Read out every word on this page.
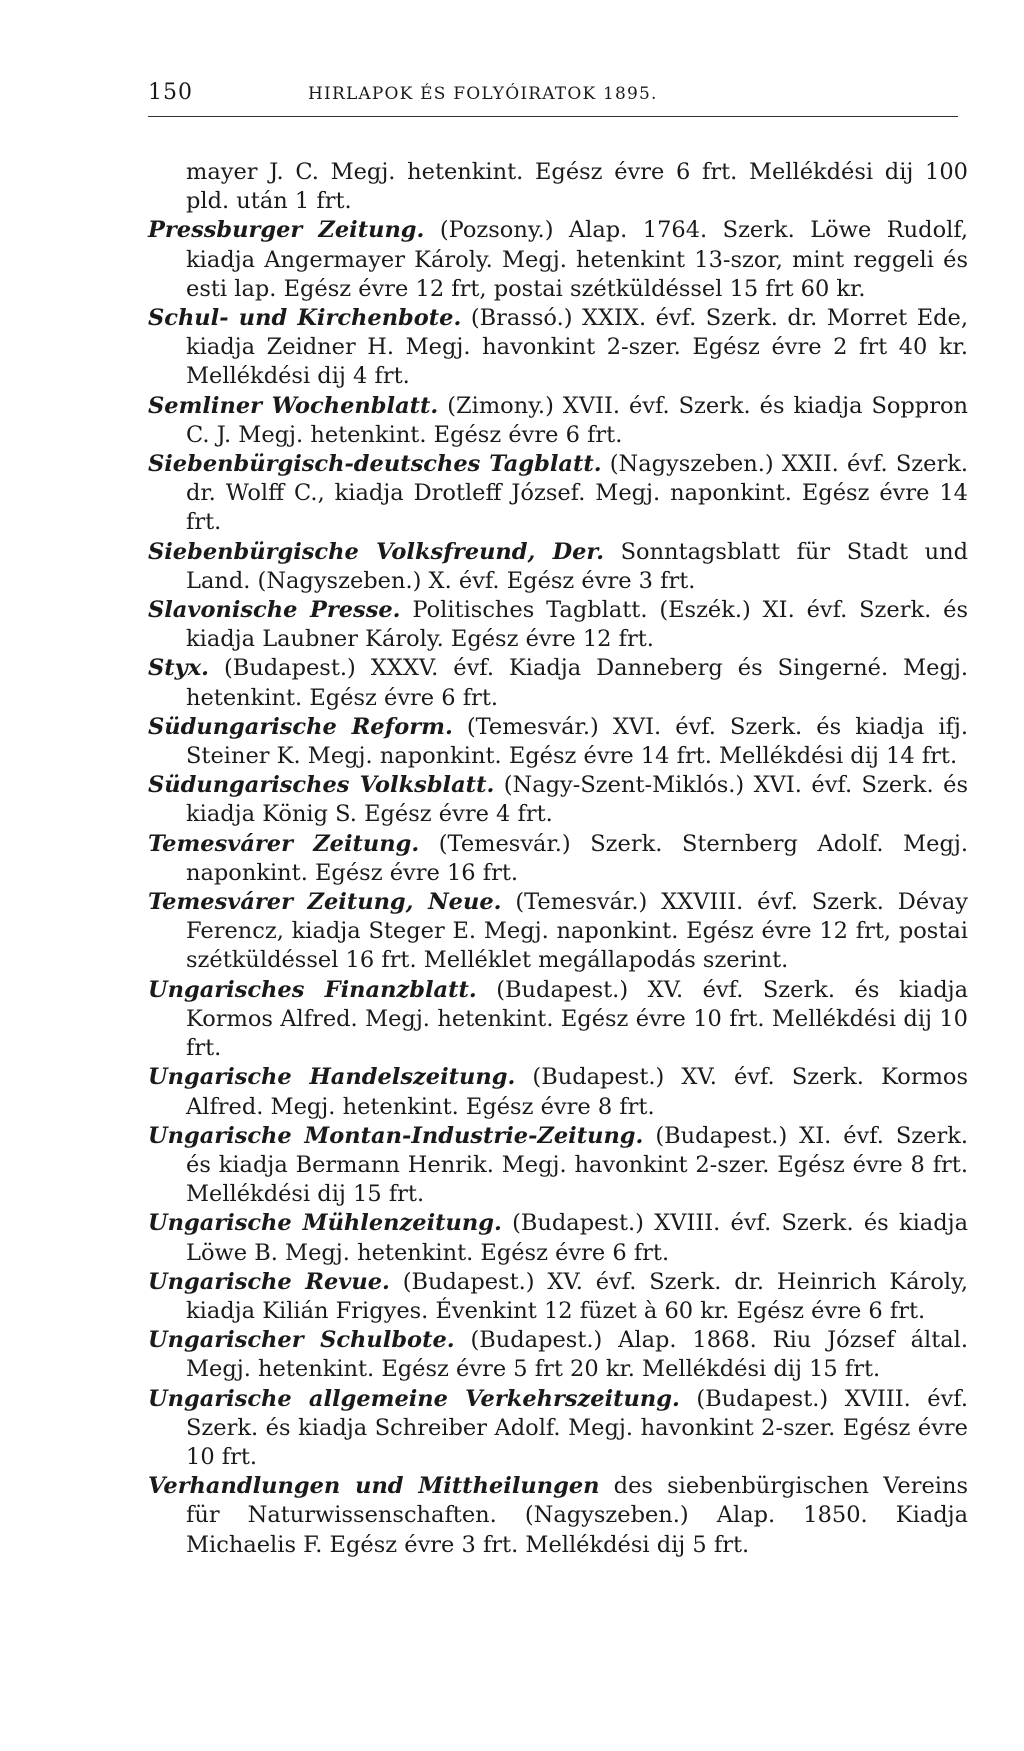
150	HIRLAPOK ÉS FOLYÓIRATOK 1895.

mayer J. C. Megj. hetenkint. Egész évre 6 frt. Mellékdési dij 100 pld. után 1 frt.

Pressburger Zeitung. (Pozsony.) Alap. 1764. Szerk. Löwe Rudolf, kiadja Angermayer Károly. Megj. hetenkint 13-szor, mint reggeli és esti lap. Egész évre 12 frt, postai szétküldéssel 15 frt 60 kr.

Schul- und Kirchenbote. (Brassó.) XXIX. évf. Szerk. dr. Morret Ede, kiadja Zeidner H. Megj. havonkint 2-szer. Egész évre 2 frt 40 kr. Mellékdési dij 4 frt.

Semliner Wochenblatt. (Zimony.) XVII. évf. Szerk. és kiadja Soppron C. J. Megj. hetenkint. Egész évre 6 frt.

Siebenbürgisch-deutsches Tagblatt. (Nagyszeben.) XXII. évf. Szerk. dr. Wolff C., kiadja Drotleff József. Megj. naponkint. Egész évre 14 frt.

Siebenbürgische Volksfreund, Der. Sonntagsblatt für Stadt und Land. (Nagyszeben.) X. évf. Egész évre 3 frt.

Slavonische Presse. Politisches Tagblatt. (Eszék.) XI. évf. Szerk. és kiadja Laubner Károly. Egész évre 12 frt.

Styx. (Budapest.) XXXV. évf. Kiadja Danneberg és Singerné. Megj. hetenkint. Egész évre 6 frt.

Südungarische Reform. (Temesvár.) XVI. évf. Szerk. és kiadja ifj. Steiner K. Megj. naponkint. Egész évre 14 frt. Mellékdési dij 14 frt.

Südungarisches Volksblatt. (Nagy-Szent-Miklós.) XVI. évf. Szerk. és kiadja König S. Egész évre 4 frt.

Temesvárer Zeitung. (Temesvár.) Szerk. Sternberg Adolf. Megj. naponkint. Egész évre 16 frt.

Temesvárer Zeitung, Neue. (Temesvár.) XXVIII. évf. Szerk. Dévay Ferencz, kiadja Steger E. Megj. naponkint. Egész évre 12 frt, postai szétküldéssel 16 frt. Melléklet megállapodás szerint.

Ungarisches Finanzblatt. (Budapest.) XV. évf. Szerk. és kiadja Kormos Alfred. Megj. hetenkint. Egész évre 10 frt. Mellékdési dij 10 frt.

Ungarische Handelszeitung. (Budapest.) XV. évf. Szerk. Kormos Alfred. Megj. hetenkint. Egész évre 8 frt.

Ungarische Montan-Industrie-Zeitung. (Budapest.) XI. évf. Szerk. és kiadja Bermann Henrik. Megj. havonkint 2-szer. Egész évre 8 frt. Mellékdési dij 15 frt.

Ungarische Mühlenzeitung. (Budapest.) XVIII. évf. Szerk. és kiadja Löwe B. Megj. hetenkint. Egész évre 6 frt.

Ungarische Revue. (Budapest.) XV. évf. Szerk. dr. Heinrich Károly, kiadja Kilián Frigyes. Évenkint 12 füzet à 60 kr. Egész évre 6 frt.

Ungarischer Schulbote. (Budapest.) Alap. 1868. Riu József által. Megj. hetenkint. Egész évre 5 frt 20 kr. Mellékdési dij 15 frt.

Ungarische allgemeine Verkehrszeitung. (Budapest.) XVIII. évf. Szerk. és kiadja Schreiber Adolf. Megj. havonkint 2-szer. Egész évre 10 frt.

Verhandlungen und Mittheilungen des siebenbürgischen Vereins für Naturwissenschaften. (Nagyszeben.) Alap. 1850. Kiadja Michaelis F. Egész évre 3 frt. Mellékdési dij 5 frt.
